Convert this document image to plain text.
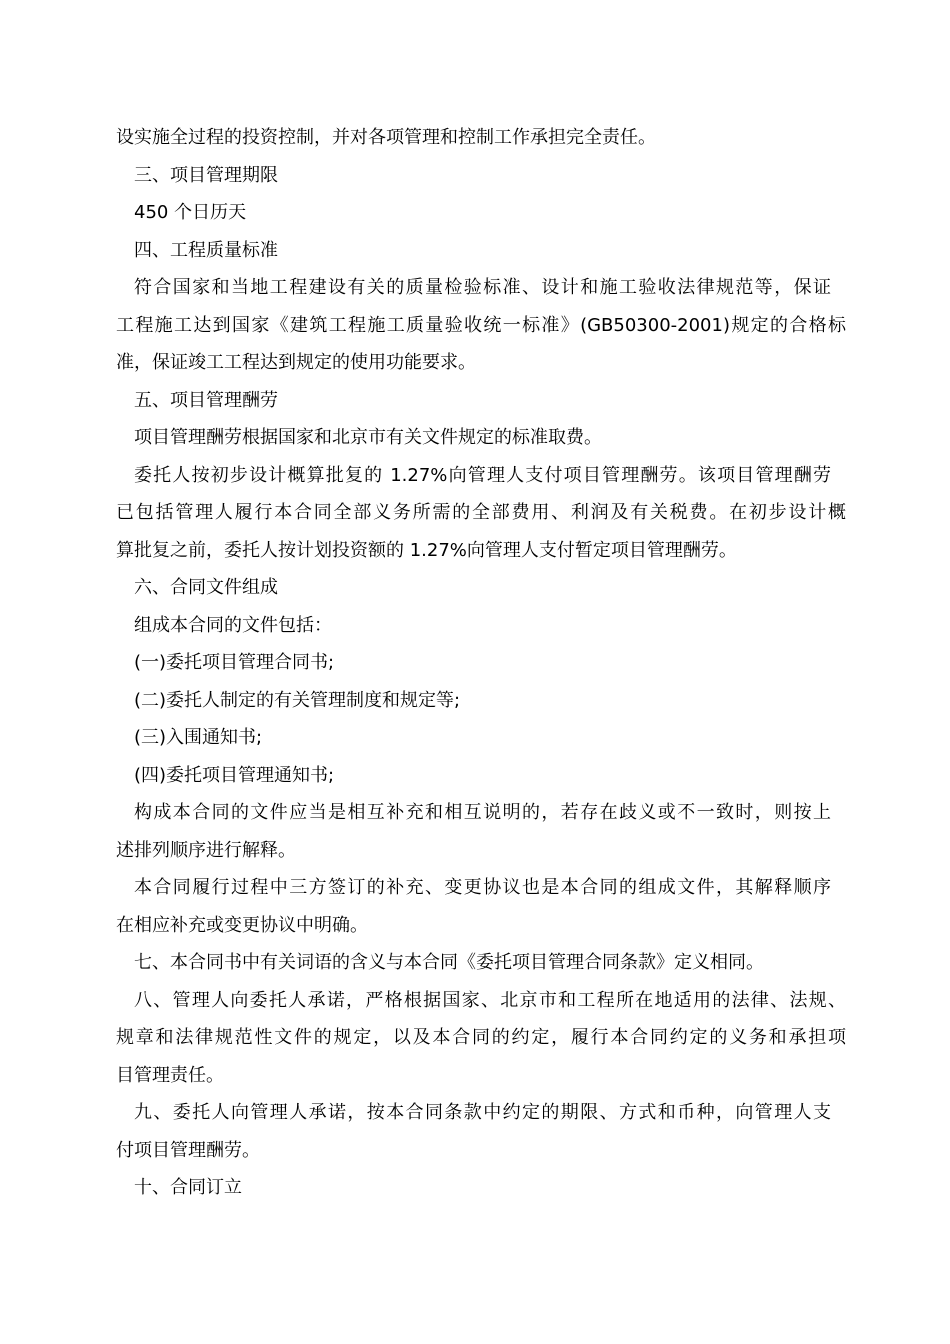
设实施全过程的投资控制，并对各项管理和控制工作承担完全责任。
三、项目管理期限
450 个日历天
四、工程质量标准
符合国家和当地工程建设有关的质量检验标准、设计和施工验收法律规范等，保证
工程施工达到国家《建筑工程施工质量验收统一标准》(GB50300-2001)规定的合格标
准，保证竣工工程达到规定的使用功能要求。
五、项目管理酬劳
项目管理酬劳根据国家和北京市有关文件规定的标准取费。
委托人按初步设计概算批复的 1.27%向管理人支付项目管理酬劳。该项目管理酬劳
已包括管理人履行本合同全部义务所需的全部费用、利润及有关税费。在初步设计概
算批复之前，委托人按计划投资额的 1.27%向管理人支付暂定项目管理酬劳。
六、合同文件组成
组成本合同的文件包括：
(一)委托项目管理合同书;
(二)委托人制定的有关管理制度和规定等;
(三)入围通知书;
(四)委托项目管理通知书;
构成本合同的文件应当是相互补充和相互说明的，若存在歧义或不一致时，则按上
述排列顺序进行解释。
本合同履行过程中三方签订的补充、变更协议也是本合同的组成文件，其解释顺序
在相应补充或变更协议中明确。
七、本合同书中有关词语的含义与本合同《委托项目管理合同条款》定义相同。
八、管理人向委托人承诺，严格根据国家、北京市和工程所在地适用的法律、法规、
规章和法律规范性文件的规定，以及本合同的约定，履行本合同约定的义务和承担项
目管理责任。
九、委托人向管理人承诺，按本合同条款中约定的期限、方式和币种，向管理人支
付项目管理酬劳。
十、合同订立
